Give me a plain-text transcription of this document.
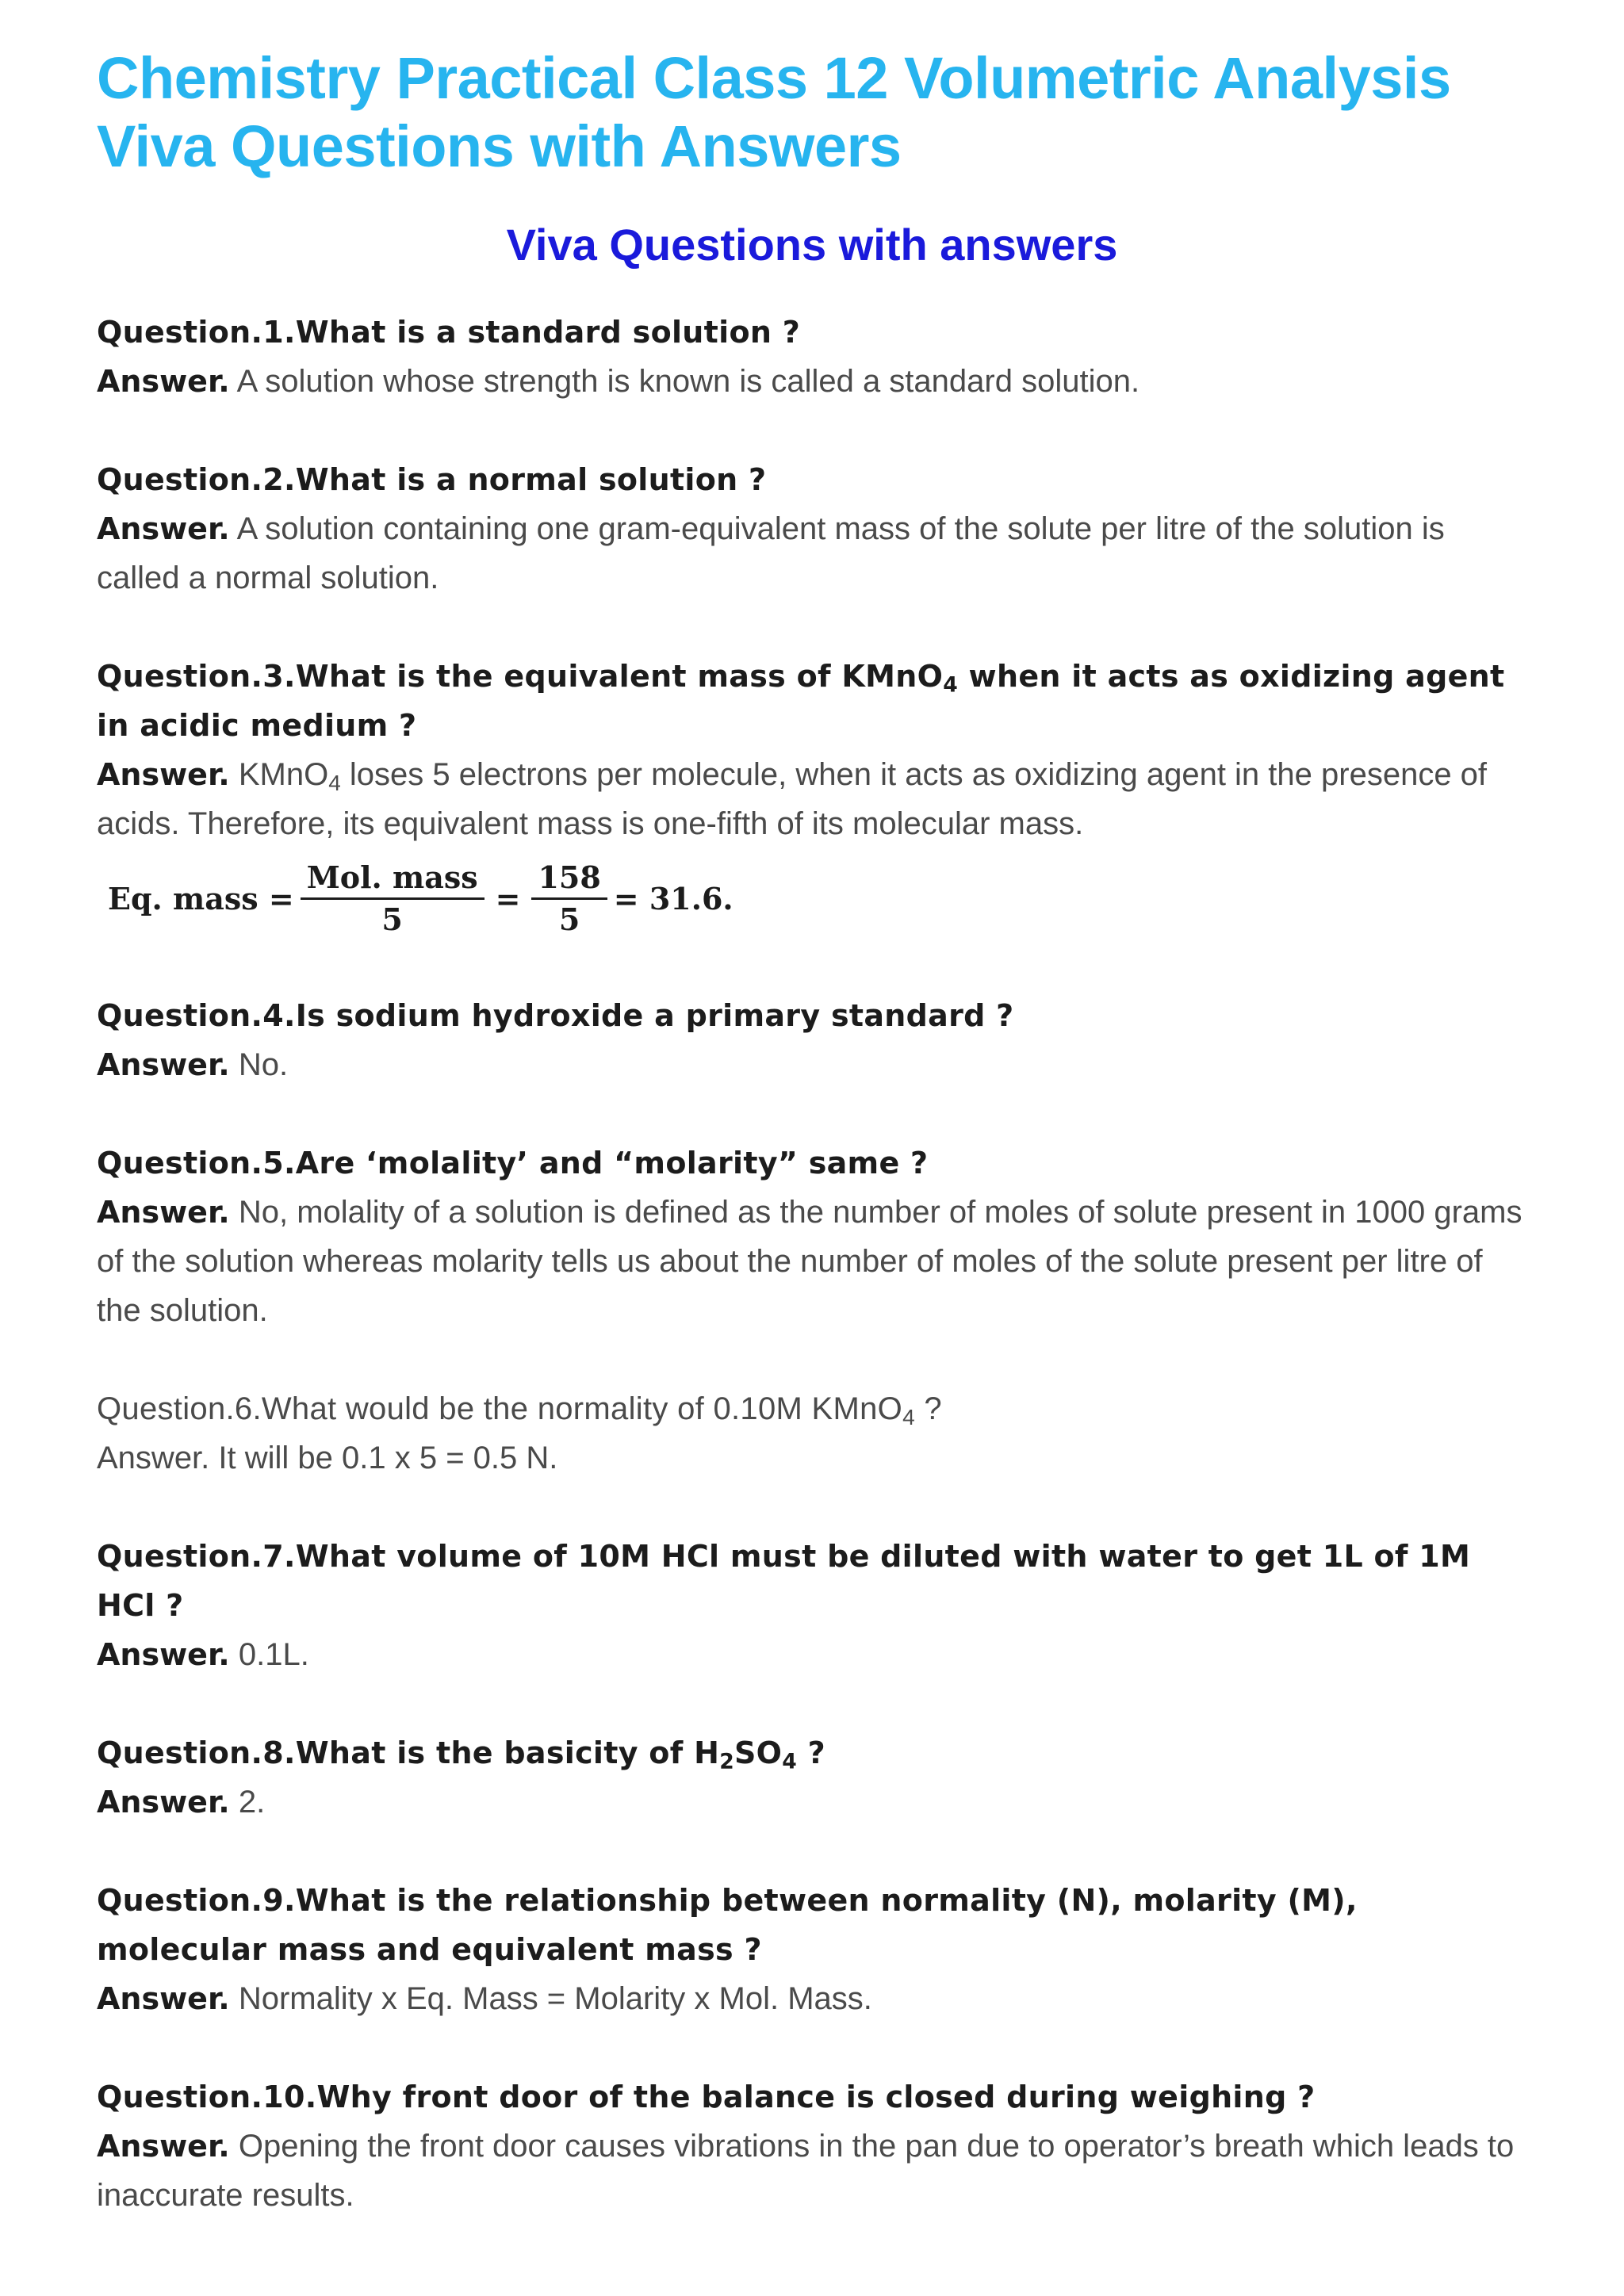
Chemistry Practical Class 12 Volumetric Analysis
Viva Questions with Answers
Viva Questions with answers

Question.1.What is a standard solution ?

Answer. A solution whose strength is known is called a standard solution.

Question.2.What is a normal solution ?

Answer. A solution containing one gram-equivalent mass of the solute per litre of the solution is called a normal solution.

Question.3.What is the equivalent mass of KMnO$_4$ when it acts as oxidizing agent in acidic medium ?

Answer. KMnO$_4$ loses 5 electrons per molecule, when it acts as oxidizing agent in the presence of acids. Therefore, its equivalent mass is one-fifth of its molecular mass.

Eq. mass = $\frac{\text{Mol. mass}}{5} = \frac{158}{5} = 31.6$.

Question.4.Is sodium hydroxide a primary standard ?

Answer. No.

Question.5.Are ‘molality’ and “molarity” same ?

Answer. No, molality of a solution is defined as the number of moles of solute present in 1000 grams of the solution whereas molarity tells us about the number of moles of the solute present per litre of the solution.

Question.6.What would be the normality of 0.10M KMnO$_4$ ?

Answer. It will be 0.1 x 5 = 0.5 N.

Question.7.What volume of 10M HCl must be diluted with water to get 1L of 1M HCl ?

Answer. 0.1L.

Question.8.What is the basicity of $H_2SO_4$ ?

Answer. 2.

Question.9.What is the relationship between normality (N), molarity (M), molecular mass and equivalent mass ?

Answer. Normality x Eq. Mass = Molarity x Mol. Mass.

Question.10.Why front door of the balance is closed during weighing ?

Answer. Opening the front door causes vibrations in the pan due to operator’s breath which leads to inaccurate results.
